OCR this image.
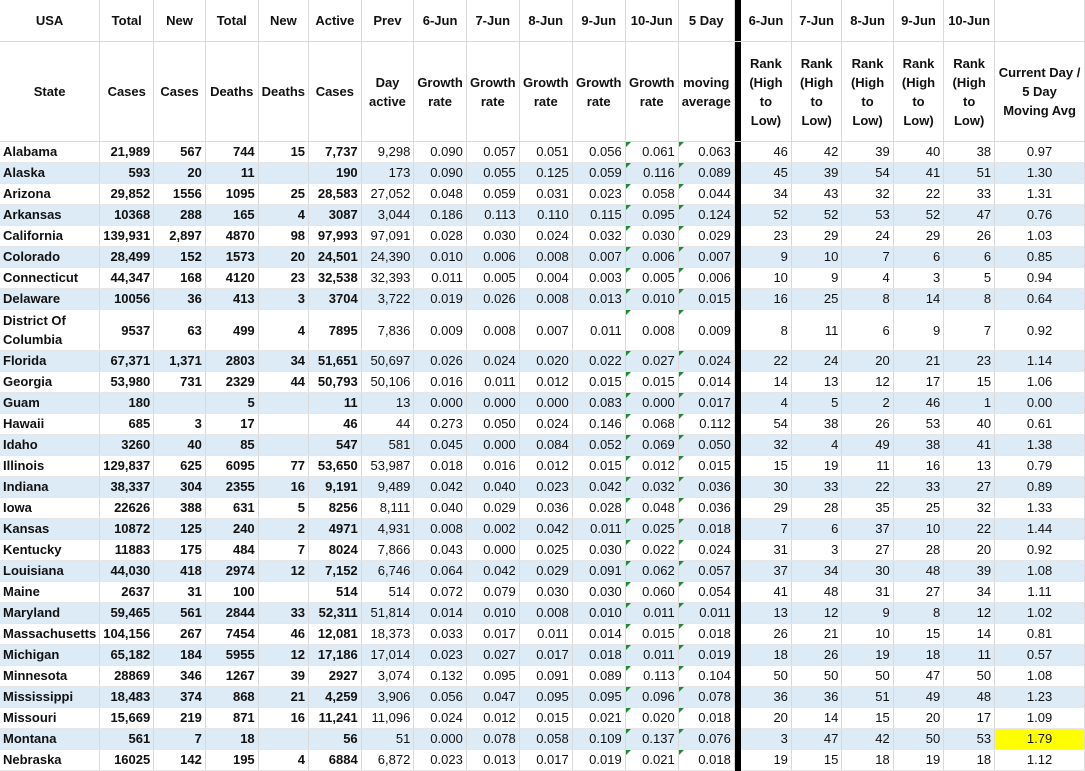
USA	Total	New	Total	New	Active	Prev	6-Jun	7-Jun	8-Jun	9-Jun	10-Jun	5 Day		6-Jun	7-Jun	8-Jun	9-Jun	10-Jun	
State	Cases	Cases	Deaths	Deaths	Cases	Day active	Growth rate	Growth rate	Growth rate	Growth rate	Growth rate	moving average		Rank (High to Low)	Rank (High to Low)	Rank (High to Low)	Rank (High to Low)	Rank (High to Low)	Current Day / 5 Day Moving Avg
Alabama	21,989	567	744	15	7,737	9,298	0.090	0.057	0.051	0.056	0.061	0.063		46	42	39	40	38	0.97
Alaska	593	20	11		190	173	0.090	0.055	0.125	0.059	0.116	0.089		45	39	54	41	51	1.30
Arizona	29,852	1556	1095	25	28,583	27,052	0.048	0.059	0.031	0.023	0.058	0.044		34	43	32	22	33	1.31
Arkansas	10368	288	165	4	3087	3,044	0.186	0.113	0.110	0.115	0.095	0.124		52	52	53	52	47	0.76
California	139,931	2,897	4870	98	97,993	97,091	0.028	0.030	0.024	0.032	0.030	0.029		23	29	24	29	26	1.03
Colorado	28,499	152	1573	20	24,501	24,390	0.010	0.006	0.008	0.007	0.006	0.007		9	10	7	6	6	0.85
Connecticut	44,347	168	4120	23	32,538	32,393	0.011	0.005	0.004	0.003	0.005	0.006		10	9	4	3	5	0.94
Delaware	10056	36	413	3	3704	3,722	0.019	0.026	0.008	0.013	0.010	0.015		16	25	8	14	8	0.64
District Of Columbia	9537	63	499	4	7895	7,836	0.009	0.008	0.007	0.011	0.008	0.009		8	11	6	9	7	0.92
Florida	67,371	1,371	2803	34	51,651	50,697	0.026	0.024	0.020	0.022	0.027	0.024		22	24	20	21	23	1.14
Georgia	53,980	731	2329	44	50,793	50,106	0.016	0.011	0.012	0.015	0.015	0.014		14	13	12	17	15	1.06
Guam	180		5		11	13	0.000	0.000	0.000	0.083	0.000	0.017		4	5	2	46	1	0.00
Hawaii	685	3	17		46	44	0.273	0.050	0.024	0.146	0.068	0.112		54	38	26	53	40	0.61
Idaho	3260	40	85		547	581	0.045	0.000	0.084	0.052	0.069	0.050		32	4	49	38	41	1.38
Illinois	129,837	625	6095	77	53,650	53,987	0.018	0.016	0.012	0.015	0.012	0.015		15	19	11	16	13	0.79
Indiana	38,337	304	2355	16	9,191	9,489	0.042	0.040	0.023	0.042	0.032	0.036		30	33	22	33	27	0.89
Iowa	22626	388	631	5	8256	8,111	0.040	0.029	0.036	0.028	0.048	0.036		29	28	35	25	32	1.33
Kansas	10872	125	240	2	4971	4,931	0.008	0.002	0.042	0.011	0.025	0.018		7	6	37	10	22	1.44
Kentucky	11883	175	484	7	8024	7,866	0.043	0.000	0.025	0.030	0.022	0.024		31	3	27	28	20	0.92
Louisiana	44,030	418	2974	12	7,152	6,746	0.064	0.042	0.029	0.091	0.062	0.057		37	34	30	48	39	1.08
Maine	2637	31	100		514	514	0.072	0.079	0.030	0.030	0.060	0.054		41	48	31	27	34	1.11
Maryland	59,465	561	2844	33	52,311	51,814	0.014	0.010	0.008	0.010	0.011	0.011		13	12	9	8	12	1.02
Massachusetts	104,156	267	7454	46	12,081	18,373	0.033	0.017	0.011	0.014	0.015	0.018		26	21	10	15	14	0.81
Michigan	65,182	184	5955	12	17,186	17,014	0.023	0.027	0.017	0.018	0.011	0.019		18	26	19	18	11	0.57
Minnesota	28869	346	1267	39	2927	3,074	0.132	0.095	0.091	0.089	0.113	0.104		50	50	50	47	50	1.08
Mississippi	18,483	374	868	21	4,259	3,906	0.056	0.047	0.095	0.095	0.096	0.078		36	36	51	49	48	1.23
Missouri	15,669	219	871	16	11,241	11,096	0.024	0.012	0.015	0.021	0.020	0.018		20	14	15	20	17	1.09
Montana	561	7	18		56	51	0.000	0.078	0.058	0.109	0.137	0.076		3	47	42	50	53	1.79
Nebraska	16025	142	195	4	6884	6,872	0.023	0.013	0.017	0.019	0.021	0.018		19	15	18	19	18	1.12
